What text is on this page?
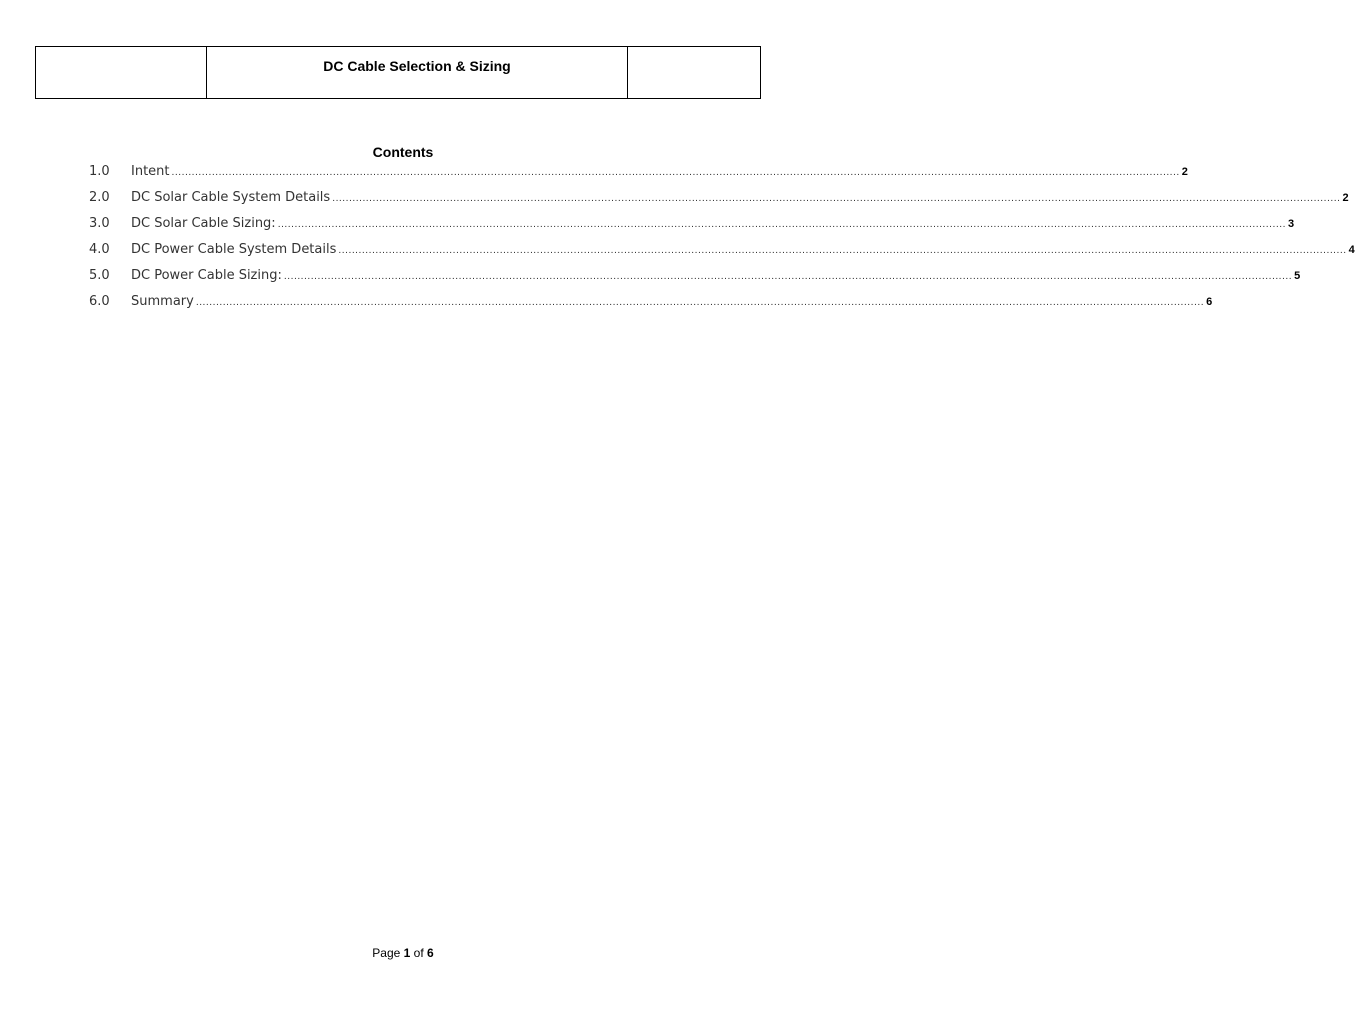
	DC Cable Selection & Sizing	
Contents
1.0	Intent ............................................................................................................................................................................................................................................................................................................ 2
2.0	DC Solar Cable System Details ............................................................................................................................................................................................................................................................................................................ 2
3.0	DC Solar Cable Sizing: ............................................................................................................................................................................................................................................................................................................ 3
4.0	DC Power Cable System Details ............................................................................................................................................................................................................................................................................................................ 4
5.0	DC Power Cable Sizing: ............................................................................................................................................................................................................................................................................................................ 5
6.0	Summary ............................................................................................................................................................................................................................................................................................................ 6
Page 1 of 6
